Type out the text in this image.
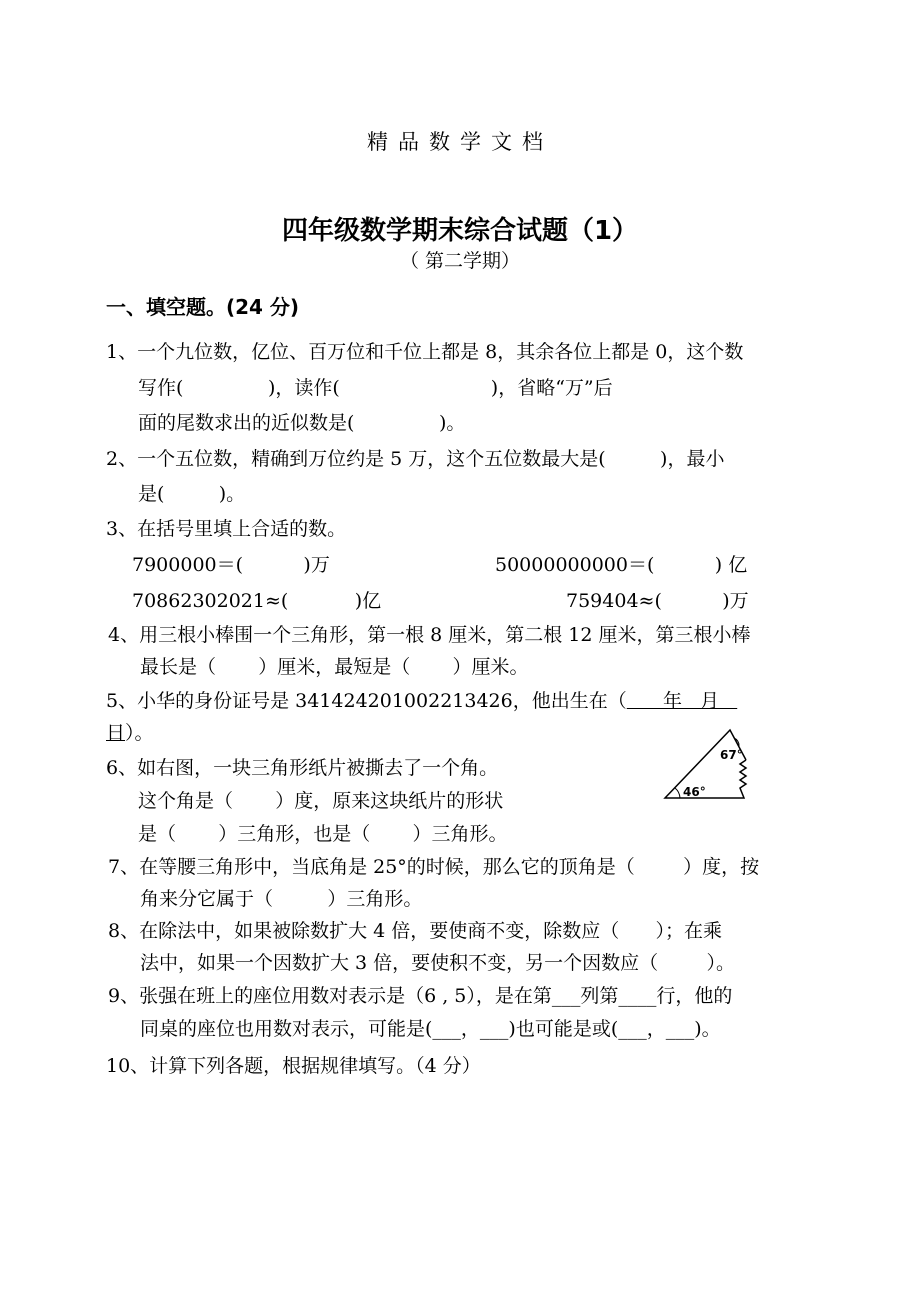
精品数学文档
四年级数学期末综合试题（1）
（ 第二学期）
一、填空题。(24 分)
1、一个九位数，亿位、百万位和千位上都是 8，其余各位上都是 0，这个数
写作(              )，读作(                         )，省略“万”后
面的尾数求出的近似数是(              )。
2、一个五位数，精确到万位约是 5 万，这个五位数最大是(         )，最小
是(         )。
3、在括号里填上合适的数。
7900000＝(          )万	50000000000＝(          ) 亿
70862302021≈(           )亿	759404≈(          )万
4、用三根小棒围一个三角形，第一根 8 厘米，第二根 12 厘米，第三根小棒
最长是（       ）厘米，最短是（       ）厘米。
5、小华的身份证号是 341424201002213426，他出生在（      年   月
日）。
6、如右图，一块三角形纸片被撕去了一个角。
这个角是（       ）度，原来这块纸片的形状
是（       ）三角形，也是（       ）三角形。
67°
46°
7、在等腰三角形中，当底角是 25°的时候，那么它的顶角是（        ）度，按
角来分它属于（         ）三角形。
8、在除法中，如果被除数扩大 4 倍，要使商不变，除数应（      ）；在乘
法中，如果一个因数扩大 3 倍，要使积不变，另一个因数应（        ）。
9、张强在班上的座位用数对表示是（6 , 5），是在第___列第____行，他的
同桌的座位也用数对表示，可能是(___，___)也可能是或(___，___)。
10、计算下列各题，根据规律填写。（4 分）
